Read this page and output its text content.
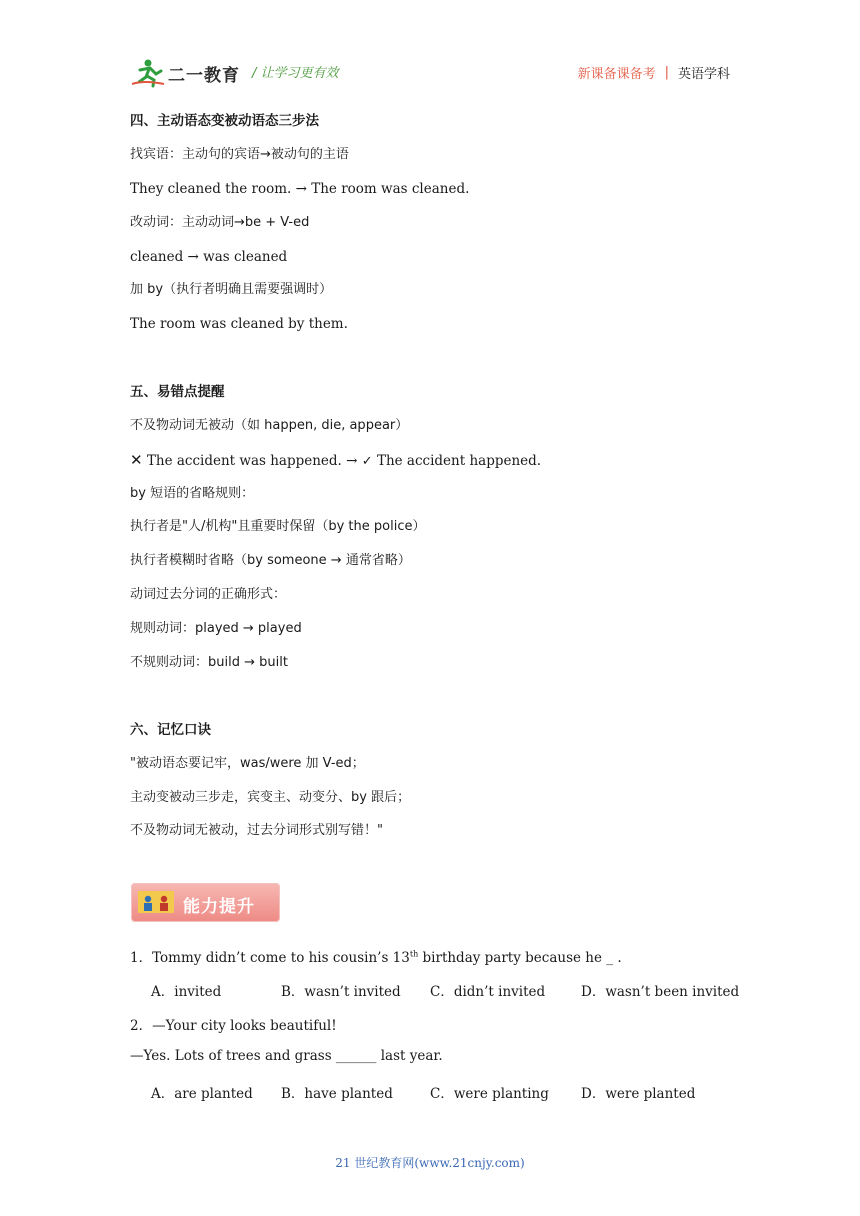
二一教育 / 让学习更有效	新课备课备考 | 英语学科
四、主动语态变被动语态三步法
找宾语：主动句的宾语→被动句的主语
They cleaned the room. → The room was cleaned.
改动词：主动动词→be + V-ed
cleaned → was cleaned
加 by（执行者明确且需要强调时）
The room was cleaned by them.
五、易错点提醒
不及物动词无被动（如 happen, die, appear）
✕ The accident was happened. → ✓ The accident happened.
by 短语的省略规则：
执行者是"人/机构"且重要时保留（by the police）
执行者模糊时省略（by someone → 通常省略）
动词过去分词的正确形式：
规则动词：played → played
不规则动词：build → built
六、记忆口诀
"被动语态要记牢，was/were 加 V-ed；
主动变被动三步走，宾变主、动变分、by 跟后；
不及物动词无被动，过去分词形式别写错！"
能力提升
1．Tommy didn’t come to his cousin’s 13th birthday party because he _ .
A．invited	B．wasn’t invited C．didn’t invited	D．wasn’t been invited
2．—Your city looks beautiful!
—Yes. Lots of trees and grass ______ last year.
A．are planted B．have planted	C．were planting D．were planted
21 世纪教育网(www.21cnjy.com)
